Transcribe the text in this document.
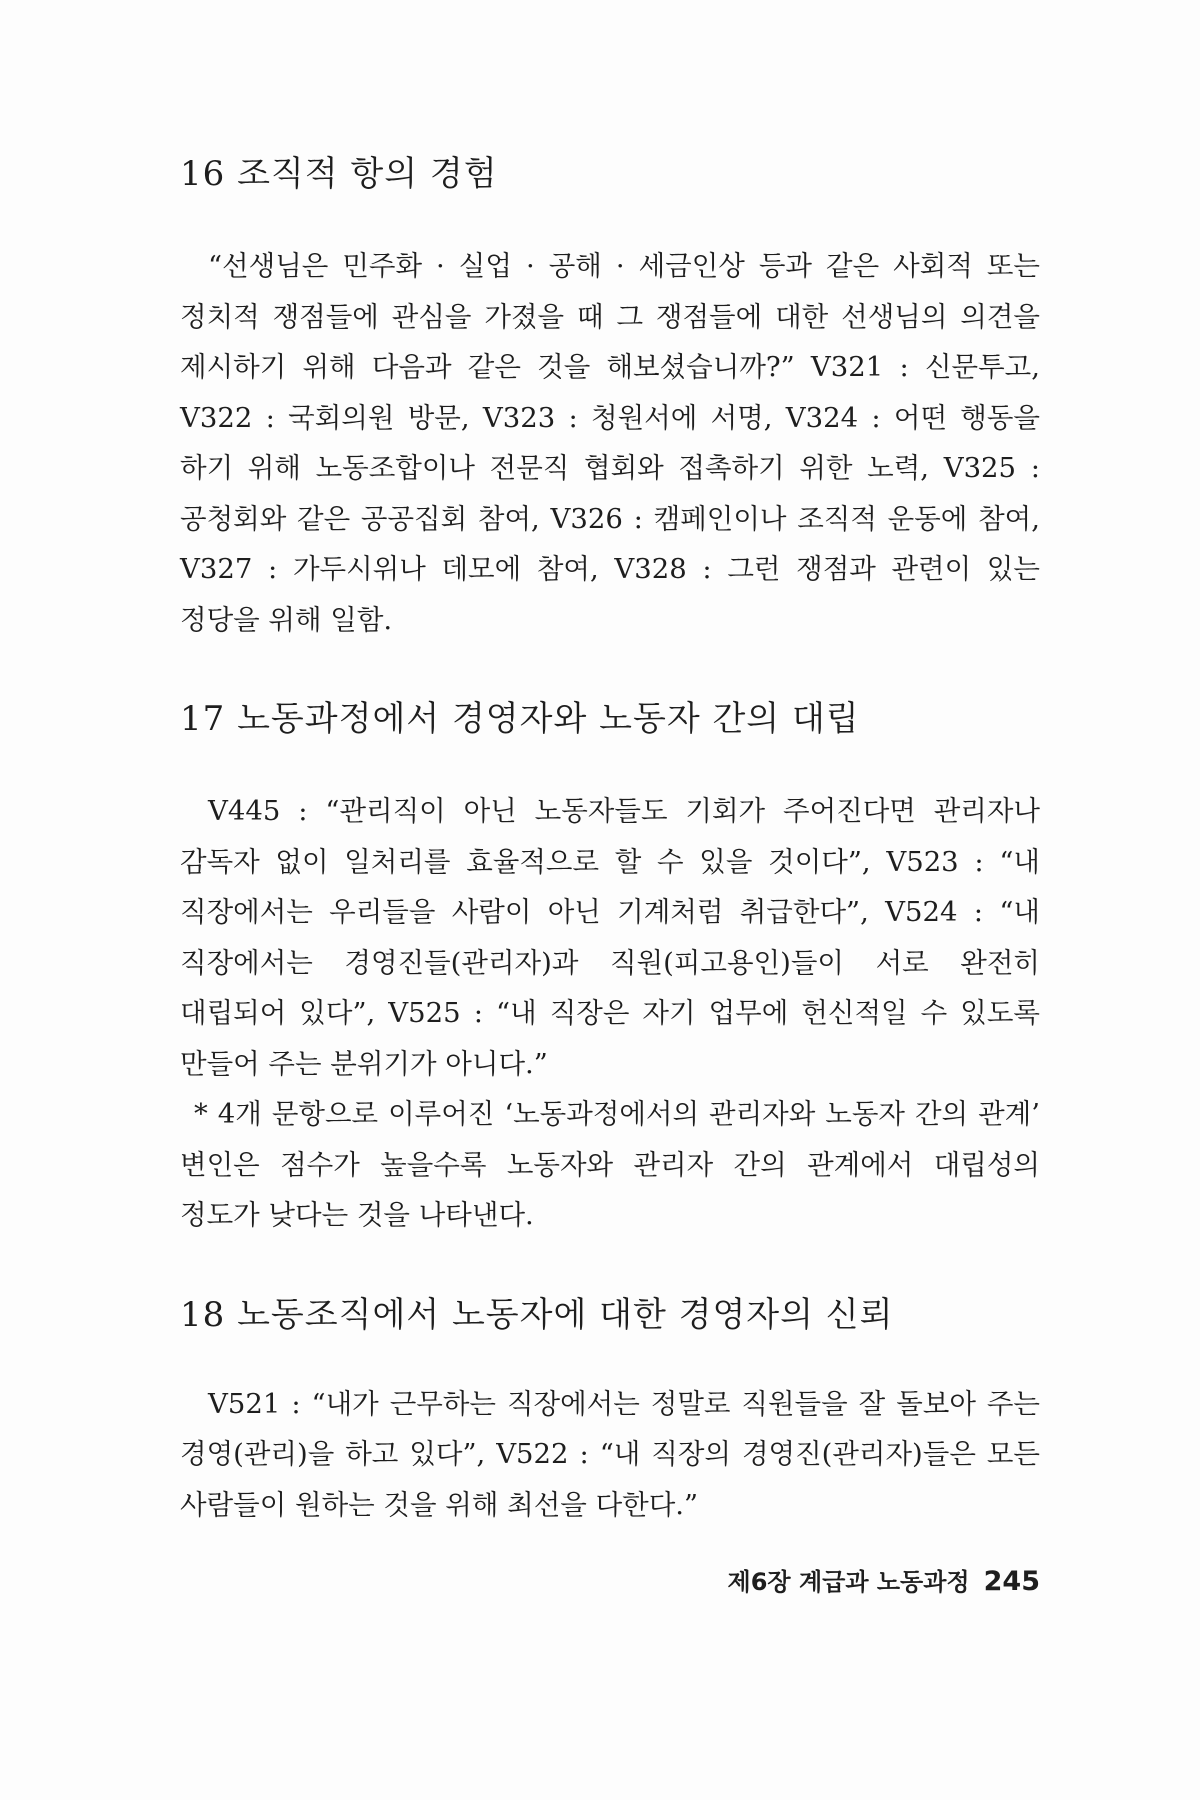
16 조직적 항의 경험

“선생님은 민주화 · 실업 · 공해 · 세금인상 등과 같은 사회적 또는 정치적 쟁점들에 관심을 가졌을 때 그 쟁점들에 대한 선생님의 의견을 제시하기 위해 다음과 같은 것을 해보셨습니까?” V321 : 신문투고, V322 : 국회의원 방문, V323 : 청원서에 서명, V324 : 어떤 행동을 하기 위해 노동조합이나 전문직 협회와 접촉하기 위한 노력, V325 : 공청회와 같은 공공집회 참여, V326 : 캠페인이나 조직적 운동에 참여, V327 : 가두시위나 데모에 참여, V328 : 그런 쟁점과 관련이 있는 정당을 위해 일함.

17 노동과정에서 경영자와 노동자 간의 대립

V445 : “관리직이 아닌 노동자들도 기회가 주어진다면 관리자나 감독자 없이 일처리를 효율적으로 할 수 있을 것이다”, V523 : “내 직장에서는 우리들을 사람이 아닌 기계처럼 취급한다”, V524 : “내 직장에서는 경영진들(관리자)과 직원(피고용인)들이 서로 완전히 대립되어 있다”, V525 : “내 직장은 자기 업무에 헌신적일 수 있도록 만들어 주는 분위기가 아니다.”

* 4개 문항으로 이루어진 ‘노동과정에서의 관리자와 노동자 간의 관계’ 변인은 점수가 높을수록 노동자와 관리자 간의 관계에서 대립성의 정도가 낮다는 것을 나타낸다.

18 노동조직에서 노동자에 대한 경영자의 신뢰

V521 : “내가 근무하는 직장에서는 정말로 직원들을 잘 돌보아 주는 경영(관리)을 하고 있다”, V522 : “내 직장의 경영진(관리자)들은 모든 사람들이 원하는 것을 위해 최선을 다한다.”

제6장 계급과 노동과정 245
